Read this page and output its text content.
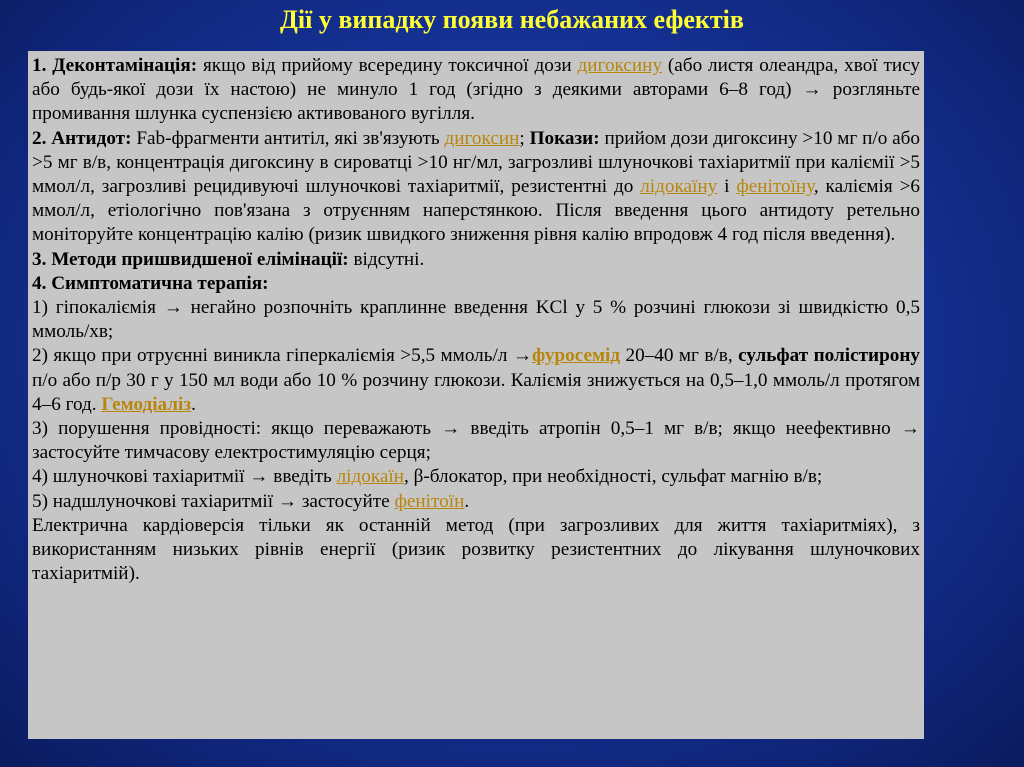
Дії у випадку появи небажаних ефектів

1. Деконтамінація: якщо від прийому всередину токсичної дози дигоксину (або листя олеандра, хвої тису або будь-якої дози їх настою) не минуло 1 год (згідно з деякими авторами 6–8 год) → розгляньте промивання шлунка суспензією активованого вугілля.

2. Антидот: Fab-фрагменти антитіл, які зв'язують дигоксин; Покази: прийом дози дигоксину >10 мг п/о або >5 мг в/в, концентрація дигоксину в сироватці >10 нг/мл, загрозливі шлуночкові тахіаритмії при каліємії >5 ммол/л, загрозливі рецидивуючі шлуночкові тахіаритмії, резистентні до лідокаїну і фенітоїну, каліємія >6 ммол/л, етіологічно пов'язана з отруєнням наперстянкою. Після введення цього антидоту ретельно моніторуйте концентрацію калію (ризик швидкого зниження рівня калію впродовж 4 год після введення).

3. Методи пришвидшеної елімінації: відсутні.

4. Симптоматична терапія:

1) гіпокаліємія → негайно розпочніть краплинне введення KCl у 5 % розчині глюкози зі швидкістю 0,5 ммоль/хв;

2) якщо при отруєнні виникла гіперкаліємія >5,5 ммоль/л →фуросемід 20–40 мг в/в, сульфат полістирону п/о або п/р 30 г у 150 мл води або 10 % розчину глюкози. Каліємія знижується на 0,5–1,0 ммоль/л протягом 4–6 год. Гемодіаліз.

3) порушення провідності: якщо переважають → введіть атропін 0,5–1 мг в/в; якщо неефективно → застосуйте тимчасову електростимуляцію серця;

4) шлуночкові тахіаритмії → введіть лідокаїн, β-блокатор, при необхідності, сульфат магнію в/в;

5) надшлуночкові тахіаритмії → застосуйте фенітоїн.

Електрична кардіоверсія тільки як останній метод (при загрозливих для життя тахіаритміях), з використанням низьких рівнів енергії (ризик розвитку резистентних до лікування шлуночкових тахіаритмій).
